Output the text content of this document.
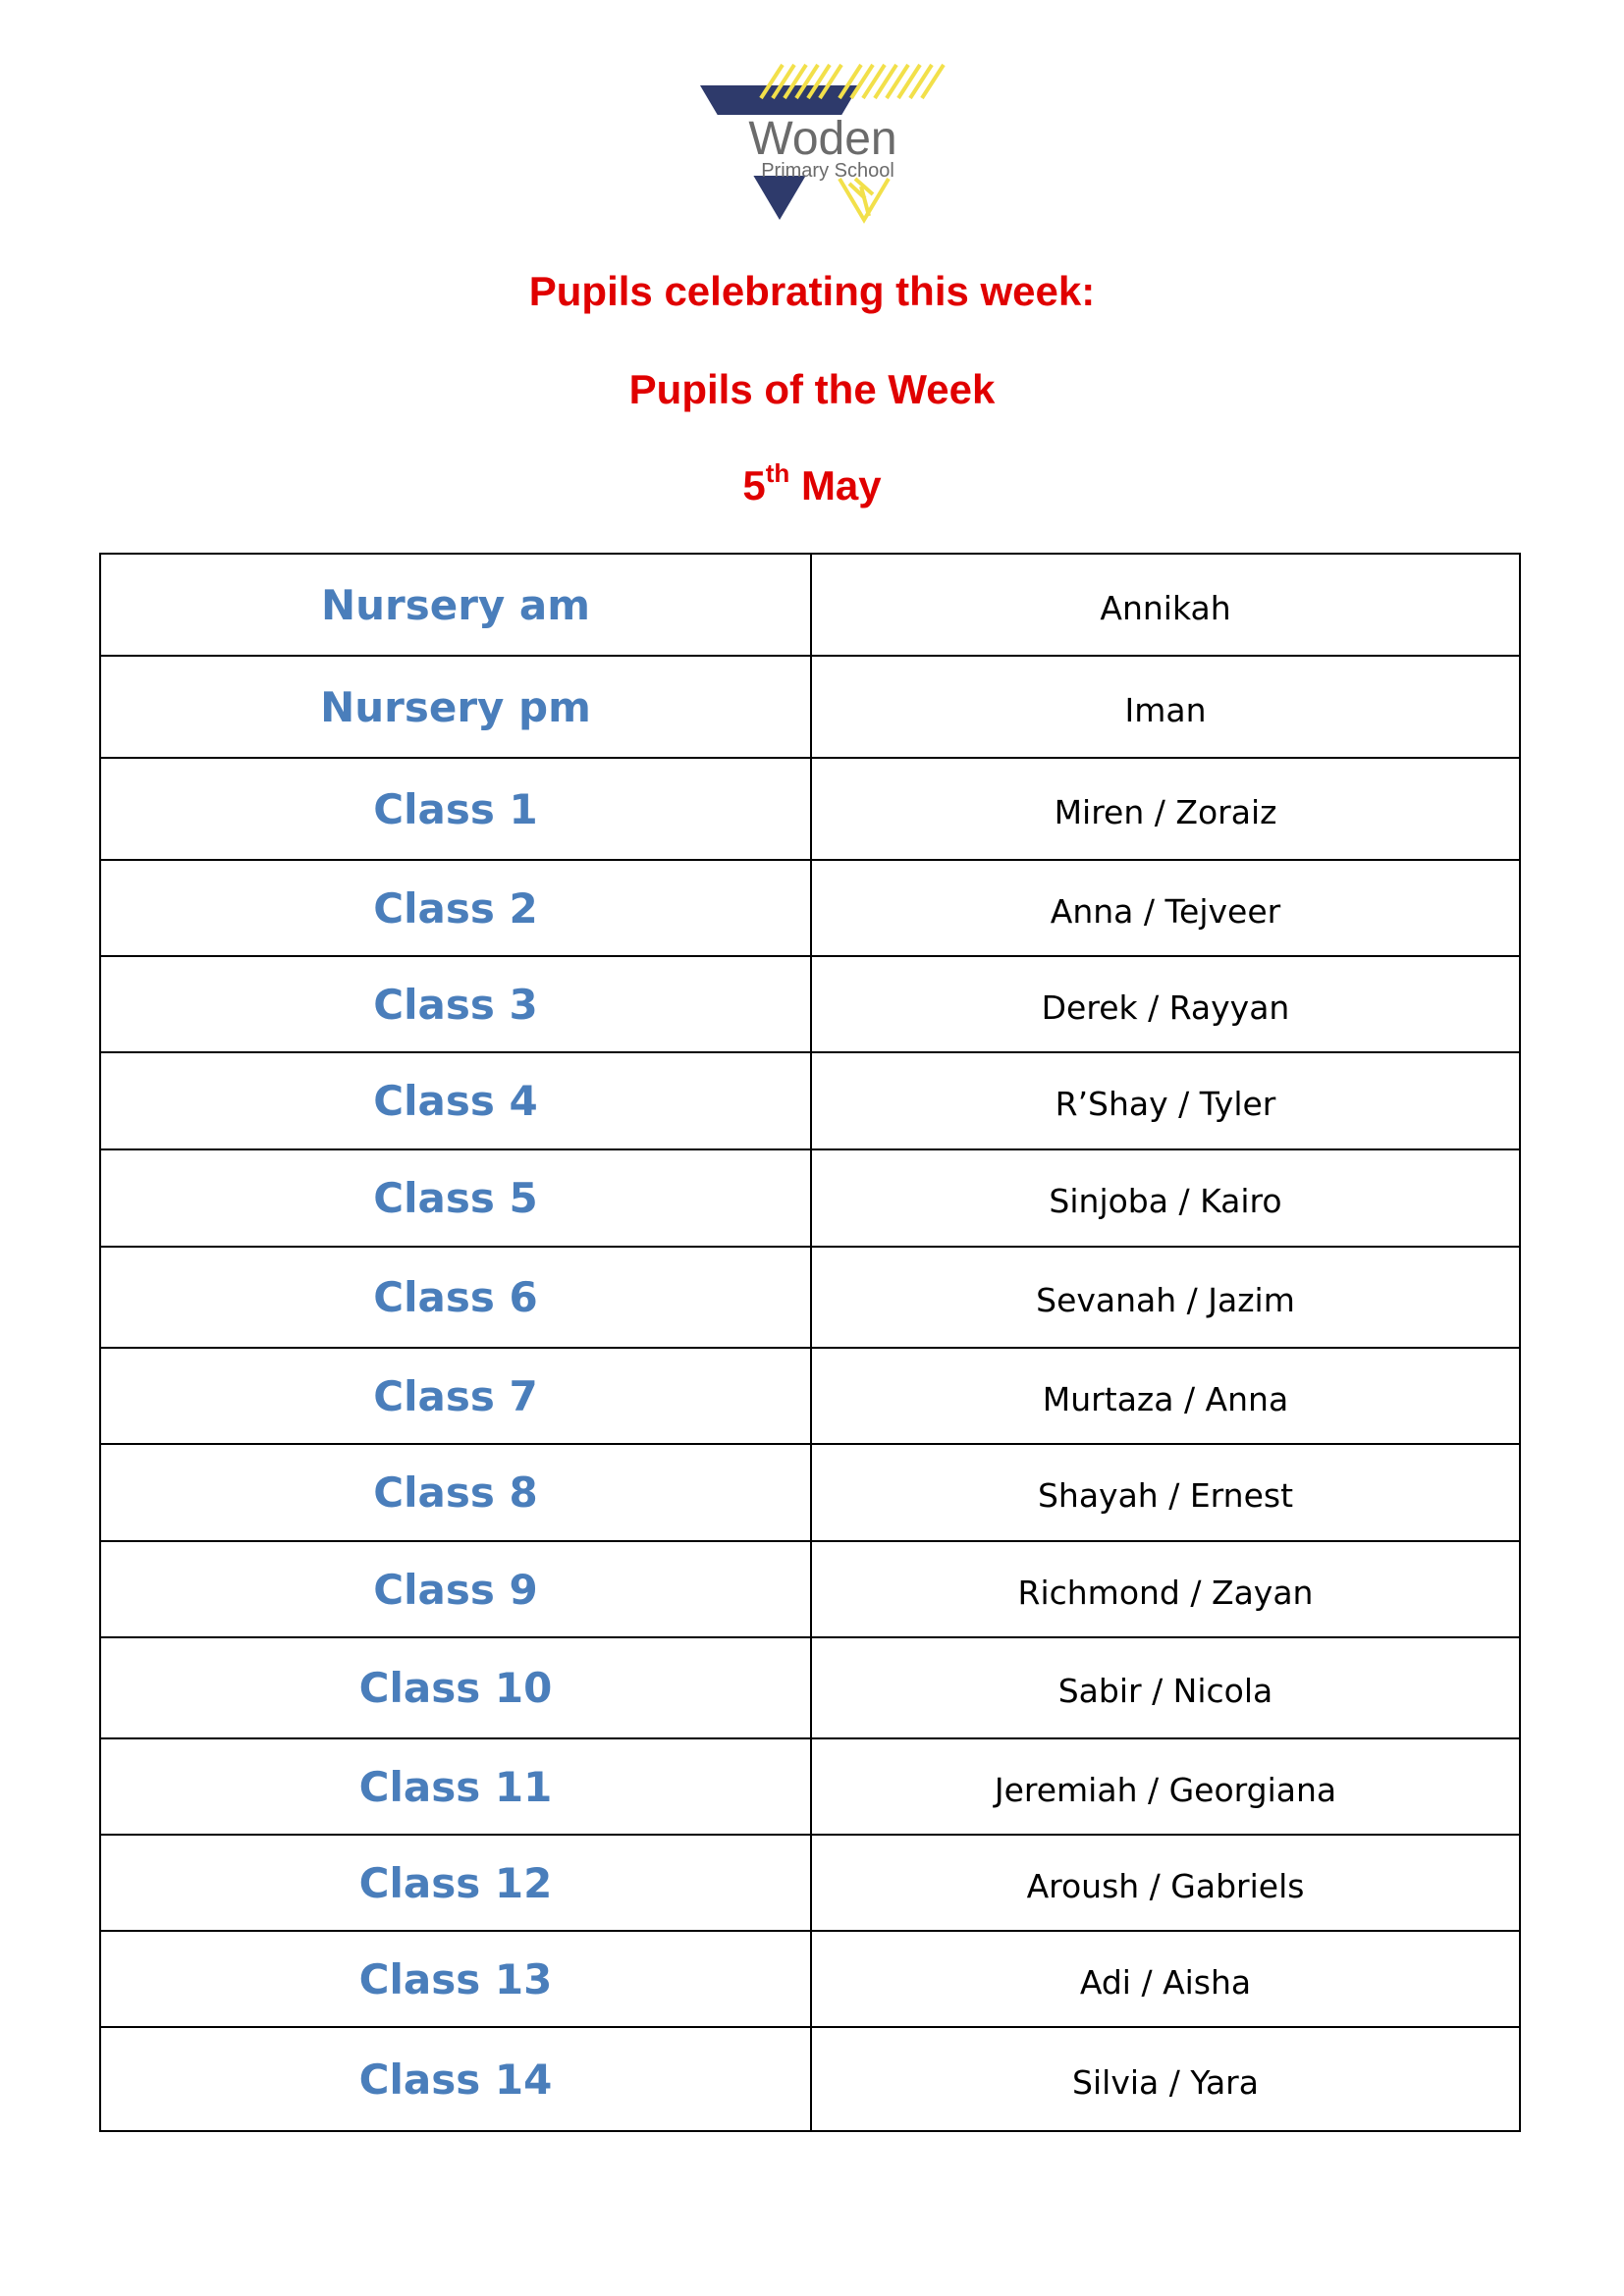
Woden
Primary School
Pupils celebrating this week:
Pupils of the Week
5th May
Nursery am	Annikah
Nursery pm	Iman
Class 1	Miren / Zoraiz
Class 2	Anna / Tejveer
Class 3	Derek / Rayyan
Class 4	R’Shay / Tyler
Class 5	Sinjoba / Kairo
Class 6	Sevanah / Jazim
Class 7	Murtaza / Anna
Class 8	Shayah / Ernest
Class 9	Richmond / Zayan
Class 10	Sabir / Nicola
Class 11	Jeremiah / Georgiana
Class 12	Aroush / Gabriels
Class 13	Adi / Aisha
Class 14	Silvia / Yara
